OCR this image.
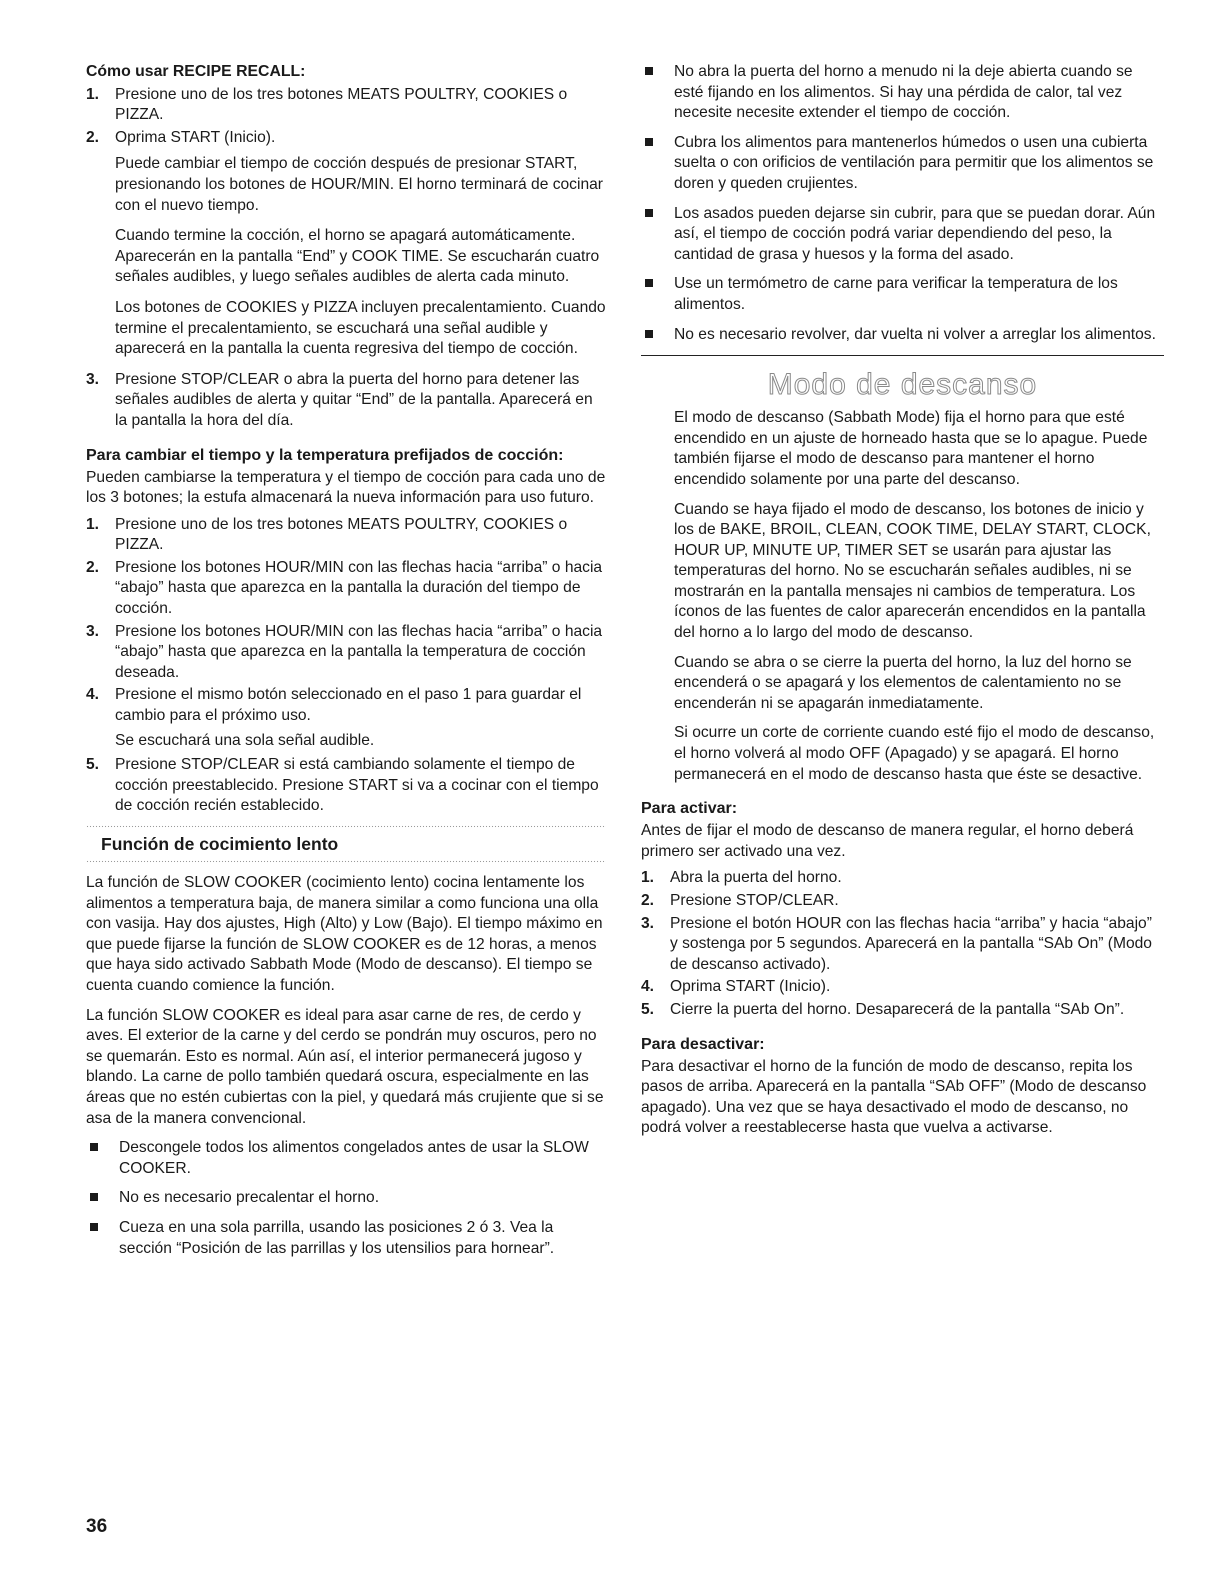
Cómo usar RECIPE RECALL:
1.	Presione uno de los tres botones MEATS POULTRY, COOKIES o PIZZA.
2.	Oprima START (Inicio).

Puede cambiar el tiempo de cocción después de presionar START, presionando los botones de HOUR/MIN. El horno terminará de cocinar con el nuevo tiempo.

Cuando termine la cocción, el horno se apagará automáticamente. Aparecerán en la pantalla “End” y COOK TIME. Se escucharán cuatro señales audibles, y luego señales audibles de alerta cada minuto.

Los botones de COOKIES y PIZZA incluyen precalentamiento. Cuando termine el precalentamiento, se escuchará una señal audible y aparecerá en la pantalla la cuenta regresiva del tiempo de cocción.

3.	Presione STOP/CLEAR o abra la puerta del horno para detener las señales audibles de alerta y quitar “End” de la pantalla. Aparecerá en la pantalla la hora del día.
Para cambiar el tiempo y la temperatura prefijados de cocción:

Pueden cambiarse la temperatura y el tiempo de cocción para cada uno de los 3 botones; la estufa almacenará la nueva información para uso futuro.

1.	Presione uno de los tres botones MEATS POULTRY, COOKIES o PIZZA.
2.	Presione los botones HOUR/MIN con las flechas hacia “arriba” o hacia “abajo” hasta que aparezca en la pantalla la duración del tiempo de cocción.
3.	Presione los botones HOUR/MIN con las flechas hacia “arriba” o hacia “abajo” hasta que aparezca en la pantalla la temperatura de cocción deseada.
4.	Presione el mismo botón seleccionado en el paso 1 para guardar el cambio para el próximo uso.

Se escuchará una sola señal audible.

5.	Presione STOP/CLEAR si está cambiando solamente el tiempo de cocción preestablecido. Presione START si va a cocinar con el tiempo de cocción recién establecido.
Función de cocimiento lento

La función de SLOW COOKER (cocimiento lento) cocina lentamente los alimentos a temperatura baja, de manera similar a como funciona una olla con vasija. Hay dos ajustes, High (Alto) y Low (Bajo). El tiempo máximo en que puede fijarse la función de SLOW COOKER es de 12 horas, a menos que haya sido activado Sabbath Mode (Modo de descanso). El tiempo se cuenta cuando comience la función.

La función SLOW COOKER es ideal para asar carne de res, de cerdo y aves. El exterior de la carne y del cerdo se pondrán muy oscuros, pero no se quemarán. Esto es normal. Aún así, el interior permanecerá jugoso y blando. La carne de pollo también quedará oscura, especialmente en las áreas que no estén cubiertas con la piel, y quedará más crujiente que si se asa de la manera convencional.

Descongele todos los alimentos congelados antes de usar la SLOW COOKER.
No es necesario precalentar el horno.
Cueza en una sola parrilla, usando las posiciones 2 ó 3. Vea la sección “Posición de las parrillas y los utensilios para hornear”.
No abra la puerta del horno a menudo ni la deje abierta cuando se esté fijando en los alimentos. Si hay una pérdida de calor, tal vez necesite necesite extender el tiempo de cocción.
Cubra los alimentos para mantenerlos húmedos o usen una cubierta suelta o con orificios de ventilación para permitir que los alimentos se doren y queden crujientes.
Los asados pueden dejarse sin cubrir, para que se puedan dorar. Aún así, el tiempo de cocción podrá variar dependiendo del peso, la cantidad de grasa y huesos y la forma del asado.
Use un termómetro de carne para verificar la temperatura de los alimentos.
No es necesario revolver, dar vuelta ni volver a arreglar los alimentos.
Modo de descanso

El modo de descanso (Sabbath Mode) fija el horno para que esté encendido en un ajuste de horneado hasta que se lo apague. Puede también fijarse el modo de descanso para mantener el horno encendido solamente por una parte del descanso.

Cuando se haya fijado el modo de descanso, los botones de inicio y los de BAKE, BROIL, CLEAN, COOK TIME, DELAY START, CLOCK, HOUR UP, MINUTE UP, TIMER SET se usarán para ajustar las temperaturas del horno. No se escucharán señales audibles, ni se mostrarán en la pantalla mensajes ni cambios de temperatura. Los íconos de las fuentes de calor aparecerán encendidos en la pantalla del horno a lo largo del modo de descanso.

Cuando se abra o se cierre la puerta del horno, la luz del horno se encenderá o se apagará y los elementos de calentamiento no se encenderán ni se apagarán inmediatamente.

Si ocurre un corte de corriente cuando esté fijo el modo de descanso, el horno volverá al modo OFF (Apagado) y se apagará. El horno permanecerá en el modo de descanso hasta que éste se desactive.

Para activar:

Antes de fijar el modo de descanso de manera regular, el horno deberá primero ser activado una vez.

1.	Abra la puerta del horno.
2.	Presione STOP/CLEAR.
3.	Presione el botón HOUR con las flechas hacia “arriba” y hacia “abajo” y sostenga por 5 segundos. Aparecerá en la pantalla “SAb On” (Modo de descanso activado).
4.	Oprima START (Inicio).
5.	Cierre la puerta del horno. Desaparecerá de la pantalla “SAb On”.
Para desactivar:

Para desactivar el horno de la función de modo de descanso, repita los pasos de arriba. Aparecerá en la pantalla “SAb OFF” (Modo de descanso apagado). Una vez que se haya desactivado el modo de descanso, no podrá volver a reestablecerse hasta que vuelva a activarse.

36
